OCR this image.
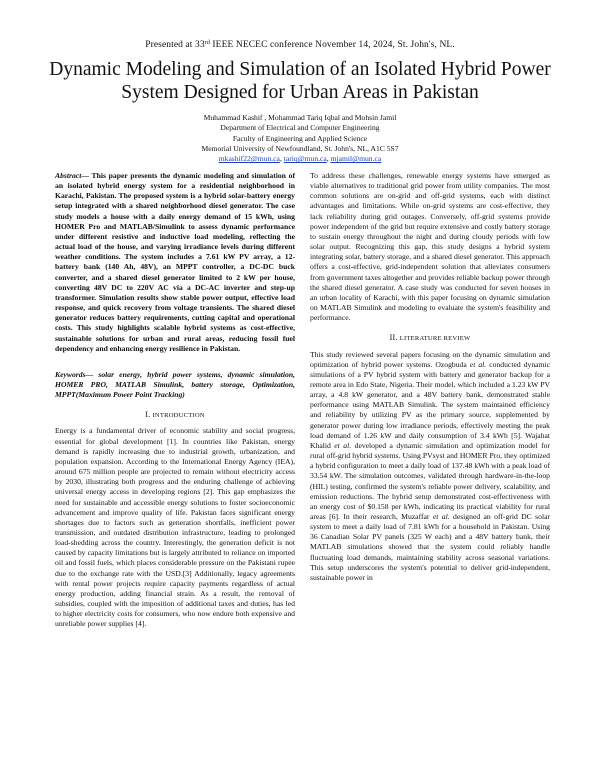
Presented at 33rd IEEE NECEC conference November 14, 2024, St. John's, NL.
Dynamic Modeling and Simulation of an Isolated Hybrid Power System Designed for Urban Areas in Pakistan
Muhammad Kashif , Mohammad Tariq Iqbal and Mohsin Jamil
Department of Electrical and Computer Engineering
Faculty of Engineering and Applied Science
Memorial University of Newfoundland, St. John's, NL, A1C 5S7
mkashif22@mun.ca, tariq@mun.ca, mjamil@mun.ca

Abstract— This paper presents the dynamic modeling and simulation of an isolated hybrid energy system for a residential neighborhood in Karachi, Pakistan. The proposed system is a hybrid solar-battery energy setup integrated with a shared neighborhood diesel generator. The case study models a house with a daily energy demand of 15 kWh, using HOMER Pro and MATLAB/Simulink to assess dynamic performance under different resistive and inductive load modeling, reflecting the actual load of the house, and varying irradiance levels during different weather conditions. The system includes a 7.61 kW PV array, a 12-battery bank (140 Ah, 48V), an MPPT controller, a DC-DC buck converter, and a shared diesel generator limited to 2 kW per house, converting 48V DC to 220V AC via a DC-AC inverter and step-up transformer. Simulation results show stable power output, effective load response, and quick recovery from voltage transients. The shared diesel generator reduces battery requirements, cutting capital and operational costs. This study highlights scalable hybrid systems as cost-effective, sustainable solutions for urban and rural areas, reducing fossil fuel dependency and enhancing energy resilience in Pakistan.

Keywords— solar energy, hybrid power systems, dynamic simulation, HOMER PRO, MATLAB Simulink, battery storage, Optimization, MPPT(Maximum Power Point Tracking)

I. INTRODUCTION

Energy is a fundamental driver of economic stability and social progress, essential for global development [1]. In countries like Pakistan, energy demand is rapidly increasing due to industrial growth, urbanization, and population expansion. According to the International Energy Agency (IEA), around 675 million people are projected to remain without electricity access by 2030, illustrating both progress and the enduring challenge of achieving universal energy access in developing regions [2]. This gap emphasizes the need for sustainable and accessible energy solutions to foster socioeconomic advancement and improve quality of life. Pakistan faces significant energy shortages due to factors such as generation shortfalls, inefficient power transmission, and outdated distribution infrastructure, leading to prolonged load-shedding across the country. Interestingly, the generation deficit is not caused by capacity limitations but is largely attributed to reliance on imported oil and fossil fuels, which places considerable pressure on the Pakistani rupee due to the exchange rate with the USD.[3] Additionally, legacy agreements with rental power projects require capacity payments regardless of actual energy production, adding financial strain. As a result, the removal of subsidies, coupled with the imposition of additional taxes and duties, has led to higher electricity costs for consumers, who now endure both expensive and unreliable power supplies [4].

To address these challenges, renewable energy systems have emerged as viable alternatives to traditional grid power from utility companies. The most common solutions are on-grid and off-grid systems, each with distinct advantages and limitations. While on-grid systems are cost-effective, they lack reliability during grid outages. Conversely, off-grid systems provide power independent of the grid but require extensive and costly battery storage to sustain energy throughout the night and during cloudy periods with low solar output. Recognizing this gap, this study designs a hybrid system integrating solar, battery storage, and a shared diesel generator. This approach offers a cost-effective, grid-independent solution that alleviates consumers from government taxes altogether and provides reliable backup power through the shared diesel generator. A case study was conducted for seven houses in an urban locality of Karachi, with this paper focusing on dynamic simulation on MATLAB Simulink and modeling to evaluate the system's feasibility and performance.

II. LITERATURE REVIEW

This study reviewed several papers focusing on the dynamic simulation and optimization of hybrid power systems. Ozogbuda et al. conducted dynamic simulations of a PV hybrid system with battery and generator backup for a remote area in Edo State, Nigeria. Their model, which included a 1.23 kW PV array, a 4.8 kW generator, and a 48V battery bank, demonstrated stable performance using MATLAB Simulink. The system maintained efficiency and reliability by utilizing PV as the primary source, supplemented by generator power during low irradiance periods, effectively meeting the peak load demand of 1.26 kW and daily consumption of 3.4 kWh [5]. Wajahat Khalid et al. developed a dynamic simulation and optimization model for rural off-grid hybrid systems. Using PVsyst and HOMER Pro, they optimized a hybrid configuration to meet a daily load of 137.48 kWh with a peak load of 33.54 kW. The simulation outcomes, validated through hardware-in-the-loop (HIL) testing, confirmed the system's reliable power delivery, scalability, and emission reductions. The hybrid setup demonstrated cost-effectiveness with an energy cost of $0.158 per kWh, indicating its practical viability for rural areas [6]. In their research, Muzaffar et al. designed an off-grid DC solar system to meet a daily load of 7.81 kWh for a household in Pakistan. Using 36 Canadian Solar PV panels (325 W each) and a 48V battery bank, their MATLAB simulations showed that the system could reliably handle fluctuating load demands, maintaining stability across seasonal variations. This setup underscores the system's potential to deliver grid-independent, sustainable power in
